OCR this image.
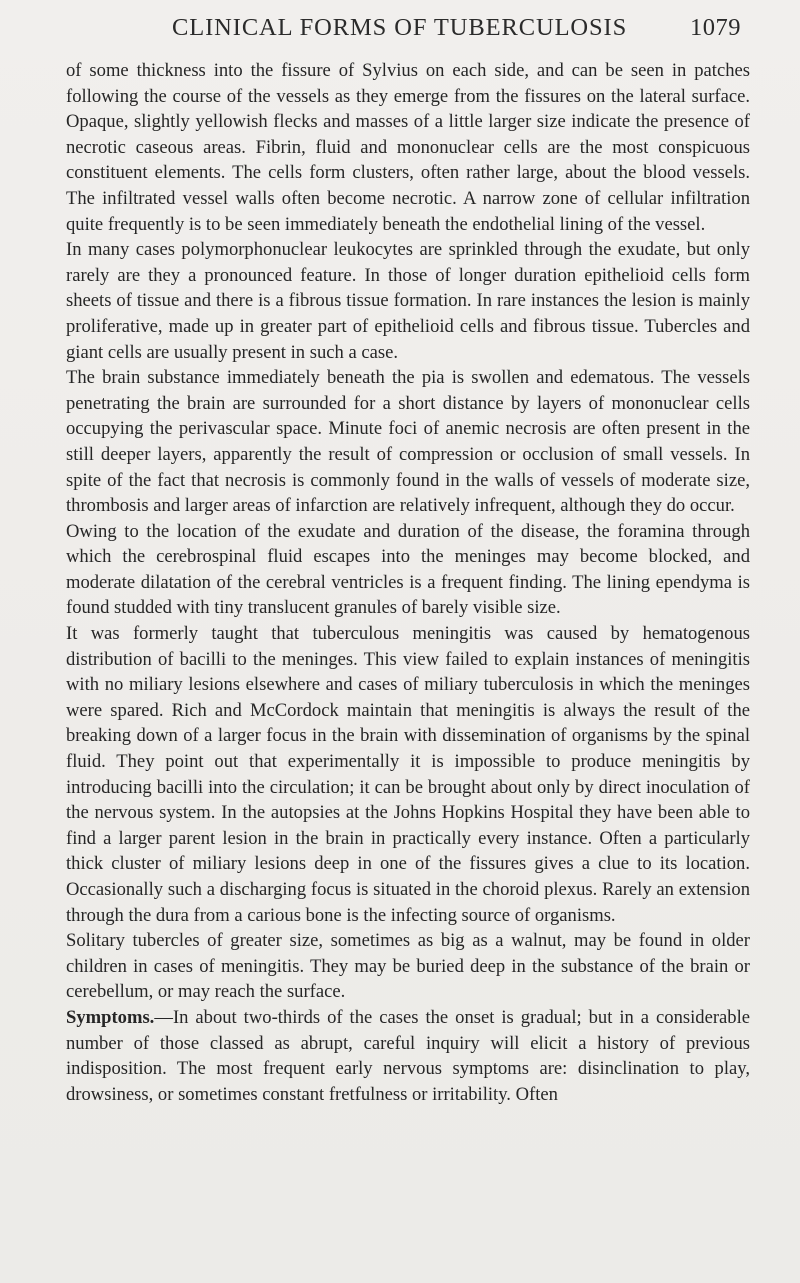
CLINICAL FORMS OF TUBERCULOSIS	1079

of some thickness into the fissure of Sylvius on each side, and can be seen in patches following the course of the vessels as they emerge from the fissures on the lateral surface. Opaque, slightly yellowish flecks and masses of a little larger size indicate the presence of necrotic caseous areas. Fibrin, fluid and mononuclear cells are the most conspicuous constituent elements. The cells form clusters, often rather large, about the blood vessels. The infiltrated vessel walls often become necrotic. A narrow zone of cellular infiltration quite frequently is to be seen immediately beneath the endothelial lining of the vessel.

In many cases polymorphonuclear leukocytes are sprinkled through the exudate, but only rarely are they a pronounced feature. In those of longer duration epithelioid cells form sheets of tissue and there is a fibrous tissue formation. In rare instances the lesion is mainly proliferative, made up in greater part of epithelioid cells and fibrous tissue. Tubercles and giant cells are usually present in such a case.

The brain substance immediately beneath the pia is swollen and edematous. The vessels penetrating the brain are surrounded for a short distance by layers of mononuclear cells occupying the perivascular space. Minute foci of anemic necrosis are often present in the still deeper layers, apparently the result of compression or occlusion of small vessels. In spite of the fact that necrosis is commonly found in the walls of vessels of moderate size, thrombosis and larger areas of infarction are relatively infrequent, although they do occur.

Owing to the location of the exudate and duration of the disease, the foramina through which the cerebrospinal fluid escapes into the meninges may become blocked, and moderate dilatation of the cerebral ventricles is a frequent finding. The lining ependyma is found studded with tiny translucent granules of barely visible size.

It was formerly taught that tuberculous meningitis was caused by hematogenous distribution of bacilli to the meninges. This view failed to explain instances of meningitis with no miliary lesions elsewhere and cases of miliary tuberculosis in which the meninges were spared. Rich and McCordock maintain that meningitis is always the result of the breaking down of a larger focus in the brain with dissemination of organisms by the spinal fluid. They point out that experimentally it is impossible to produce meningitis by introducing bacilli into the circulation; it can be brought about only by direct inoculation of the nervous system. In the autopsies at the Johns Hopkins Hospital they have been able to find a larger parent lesion in the brain in practically every instance. Often a particularly thick cluster of miliary lesions deep in one of the fissures gives a clue to its location. Occasionally such a discharging focus is situated in the choroid plexus. Rarely an extension through the dura from a carious bone is the infecting source of organisms.

Solitary tubercles of greater size, sometimes as big as a walnut, may be found in older children in cases of meningitis. They may be buried deep in the substance of the brain or cerebellum, or may reach the surface.

Symptoms.—In about two-thirds of the cases the onset is gradual; but in a considerable number of those classed as abrupt, careful inquiry will elicit a history of previous indisposition. The most frequent early nervous symptoms are: disinclination to play, drowsiness, or sometimes constant fretfulness or irritability. Often
